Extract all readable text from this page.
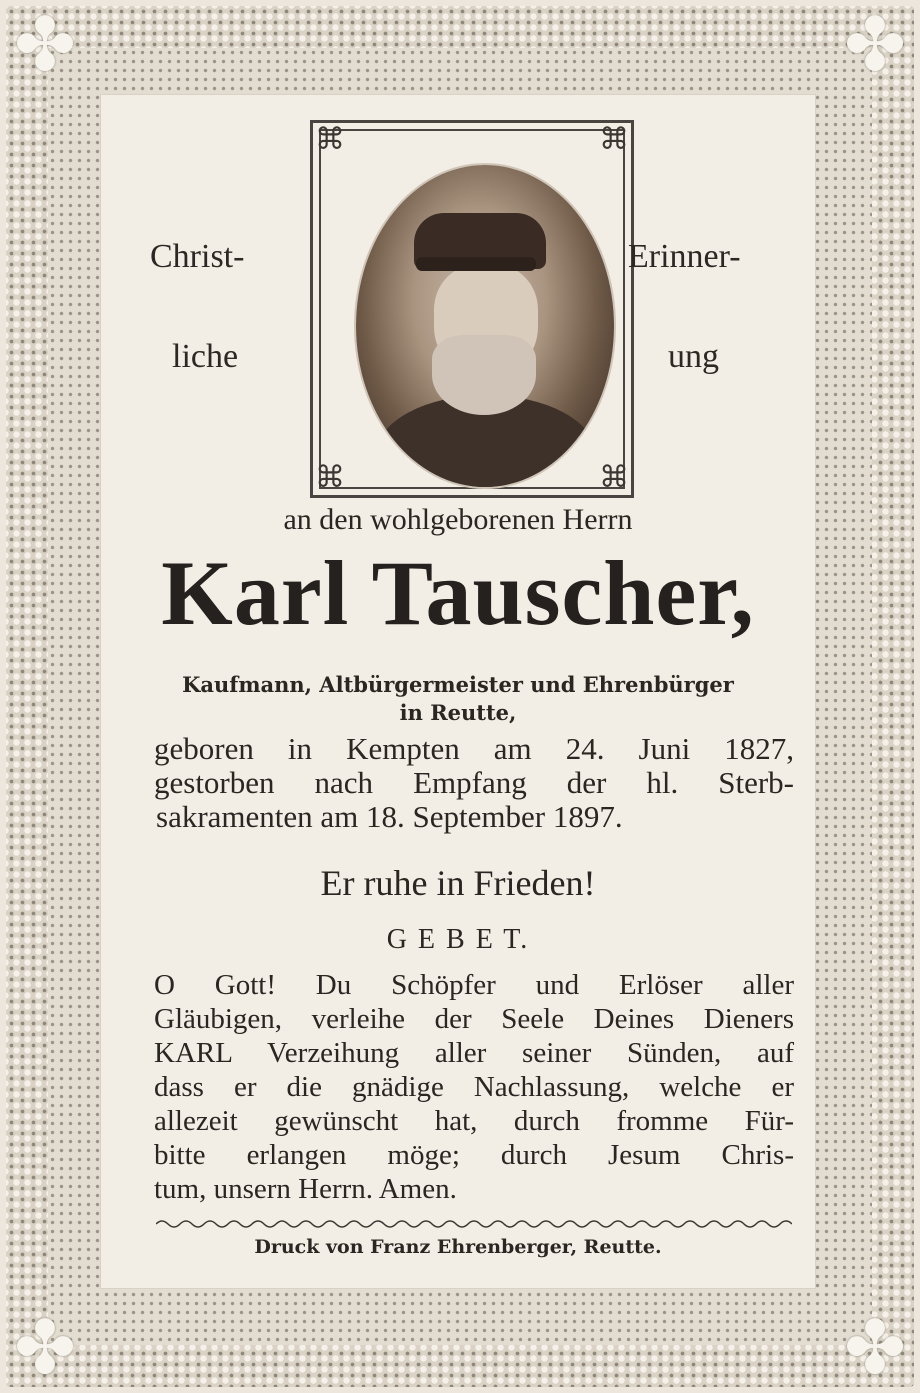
✤	✤
✤	✤
⌘	⌘
⌘	⌘
Christ-
liche
Erinner-
ung
an den wohlgeborenen Herrn
Karl Tauscher,
Kaufmann, Altbürgermeister und Ehrenbürger
in Reutte,
geboren in Kempten am 24. Juni 1827,
gestorben nach Empfang der hl. Sterb-
sakramenten am 18. September 1897.
Er ruhe in Frieden!
G E B E T.
O Gott! Du Schöpfer und Erlöser aller
Gläubigen, verleihe der Seele Deines Dieners
KARL Verzeihung aller seiner Sünden, auf
dass er die gnädige Nachlassung, welche er
allezeit gewünscht hat, durch fromme Für-
bitte erlangen möge; durch Jesum Chris-
tum, unsern Herrn. Amen.
Druck von Franz Ehrenberger, Reutte.
